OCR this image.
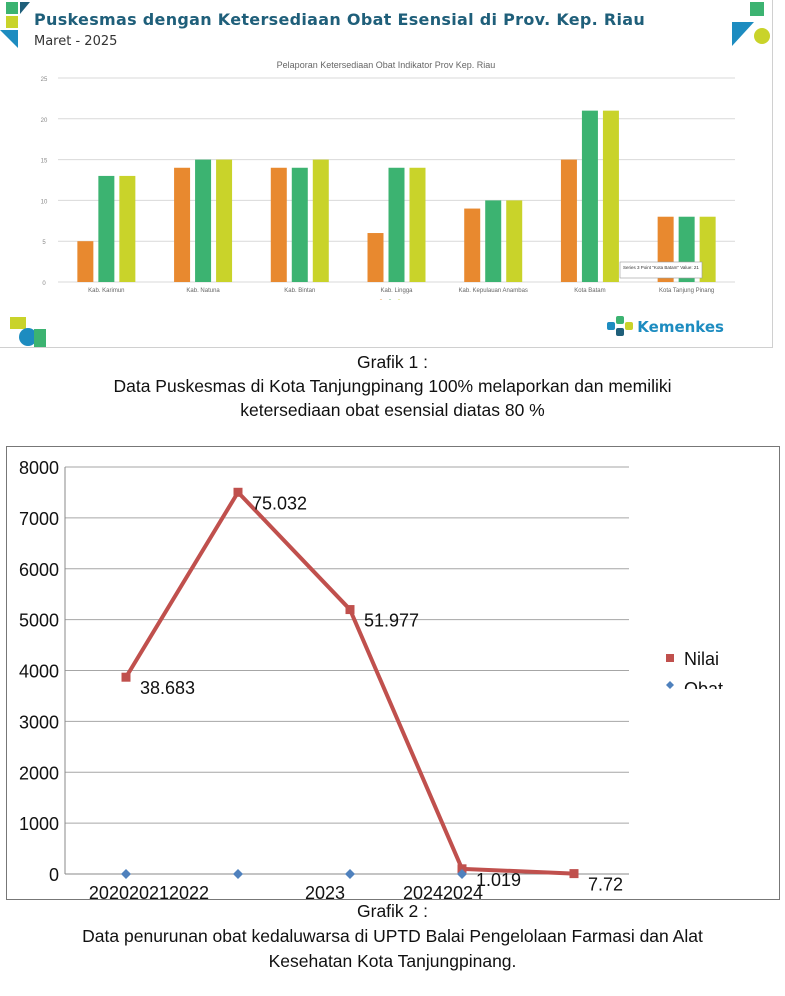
Puskesmas dengan Ketersediaan Obat Esensial di Prov. Kep. Riau
Maret - 2025
Pelaporan Ketersediaan Obat Indikator Prov Kep. Riau
0
5
10
15
20
25
Kab. Karimun	Kab. Natuna	Kab. Bintan	Kab. Lingga	Kab. Kepulauan Anambas	Kota Batam	Kota Tanjung Pinang
Series 3 Point "Kota Batam" Value: 21
Kemenkes
Grafik 1 :
Data Puskesmas di Kota Tanjungpinang 100% melaporkan dan memiliki
ketersediaan obat esensial diatas 80 %
0
1000
2000
3000
4000
5000
6000
7000
8000
38.683
75.032
51.977
1.019	7.72
202020212022	2023	20242024
Nilai
Obat
Grafik 2 :
Data penurunan obat kedaluwarsa di UPTD Balai Pengelolaan Farmasi dan Alat
Kesehatan Kota Tanjungpinang.
